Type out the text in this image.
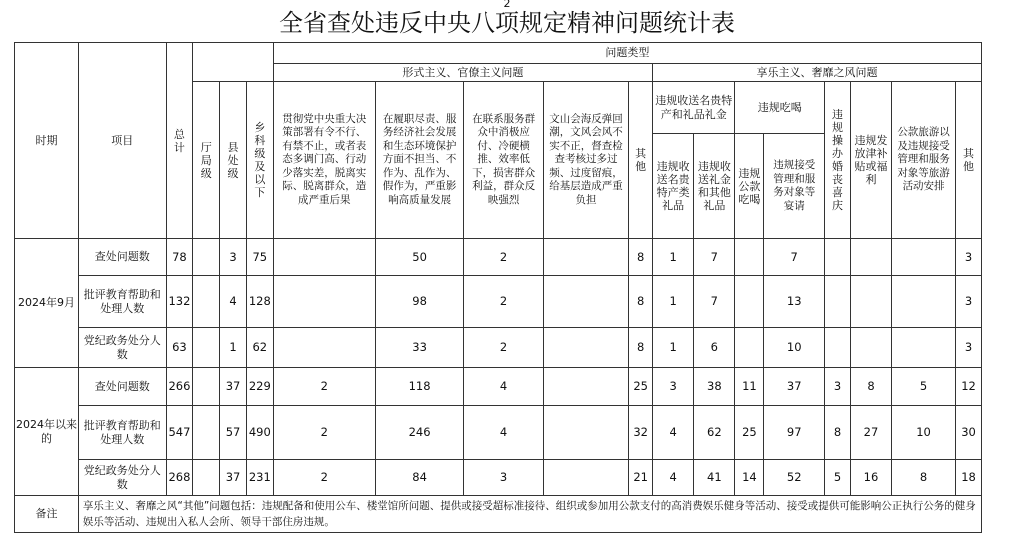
2
全省查处违反中央八项规定精神问题统计表
时期	项目	总计				问题类型												
						形式主义、官僚主义问题					享乐主义、奢靡之风问题							
			厅局级	县处级	乡科级及以下	贯彻党中央重大决策部署有令不行、有禁不止，或者表态多调门高、行动少落实差，脱离实际、脱离群众，造成严重后果	在履职尽责、服务经济社会发展和生态环境保护方面不担当、不作为、乱作为、假作为，严重影响高质量发展	在联系服务群众中消极应付、冷硬横推、效率低下，损害群众利益，群众反映强烈	文山会海反弹回潮，文风会风不实不正，督查检查考核过多过频、过度留痕，给基层造成严重负担	其他	违规收送名贵特产和礼品礼金		违规吃喝		违规操办婚丧喜庆	违规发放津补贴或福利	公款旅游以及违规接受管理和服务对象等旅游活动安排	其他
											违规收送名贵特产类礼品	违规收送礼金和其他礼品	违规公款吃喝	违规接受管理和服务对象等宴请				
2024年9月	查处问题数	78		3	75		50	2		8	1	7		7				3
	批评教育帮助和处理人数	132		4	128		98	2		8	1	7		13				3
	党纪政务处分人数	63		1	62		33	2		8	1	6		10				3
2024年以来的	查处问题数	266		37	229	2	118	4		25	3	38	11	37	3	8	5	12
	批评教育帮助和处理人数	547		57	490	2	246	4		32	4	62	25	97	8	27	10	30
	党纪政务处分人数	268		37	231	2	84	3		21	4	41	14	52	5	16	8	18
备注	享乐主义、奢靡之风“其他”问题包括：违规配备和使用公车、楼堂馆所问题、提供或接受超标准接待、组织或参加用公款支付的高消费娱乐健身等活动、接受或提供可能影响公正执行公务的健身娱乐等活动、违规出入私人会所、领导干部住房违规。																	
